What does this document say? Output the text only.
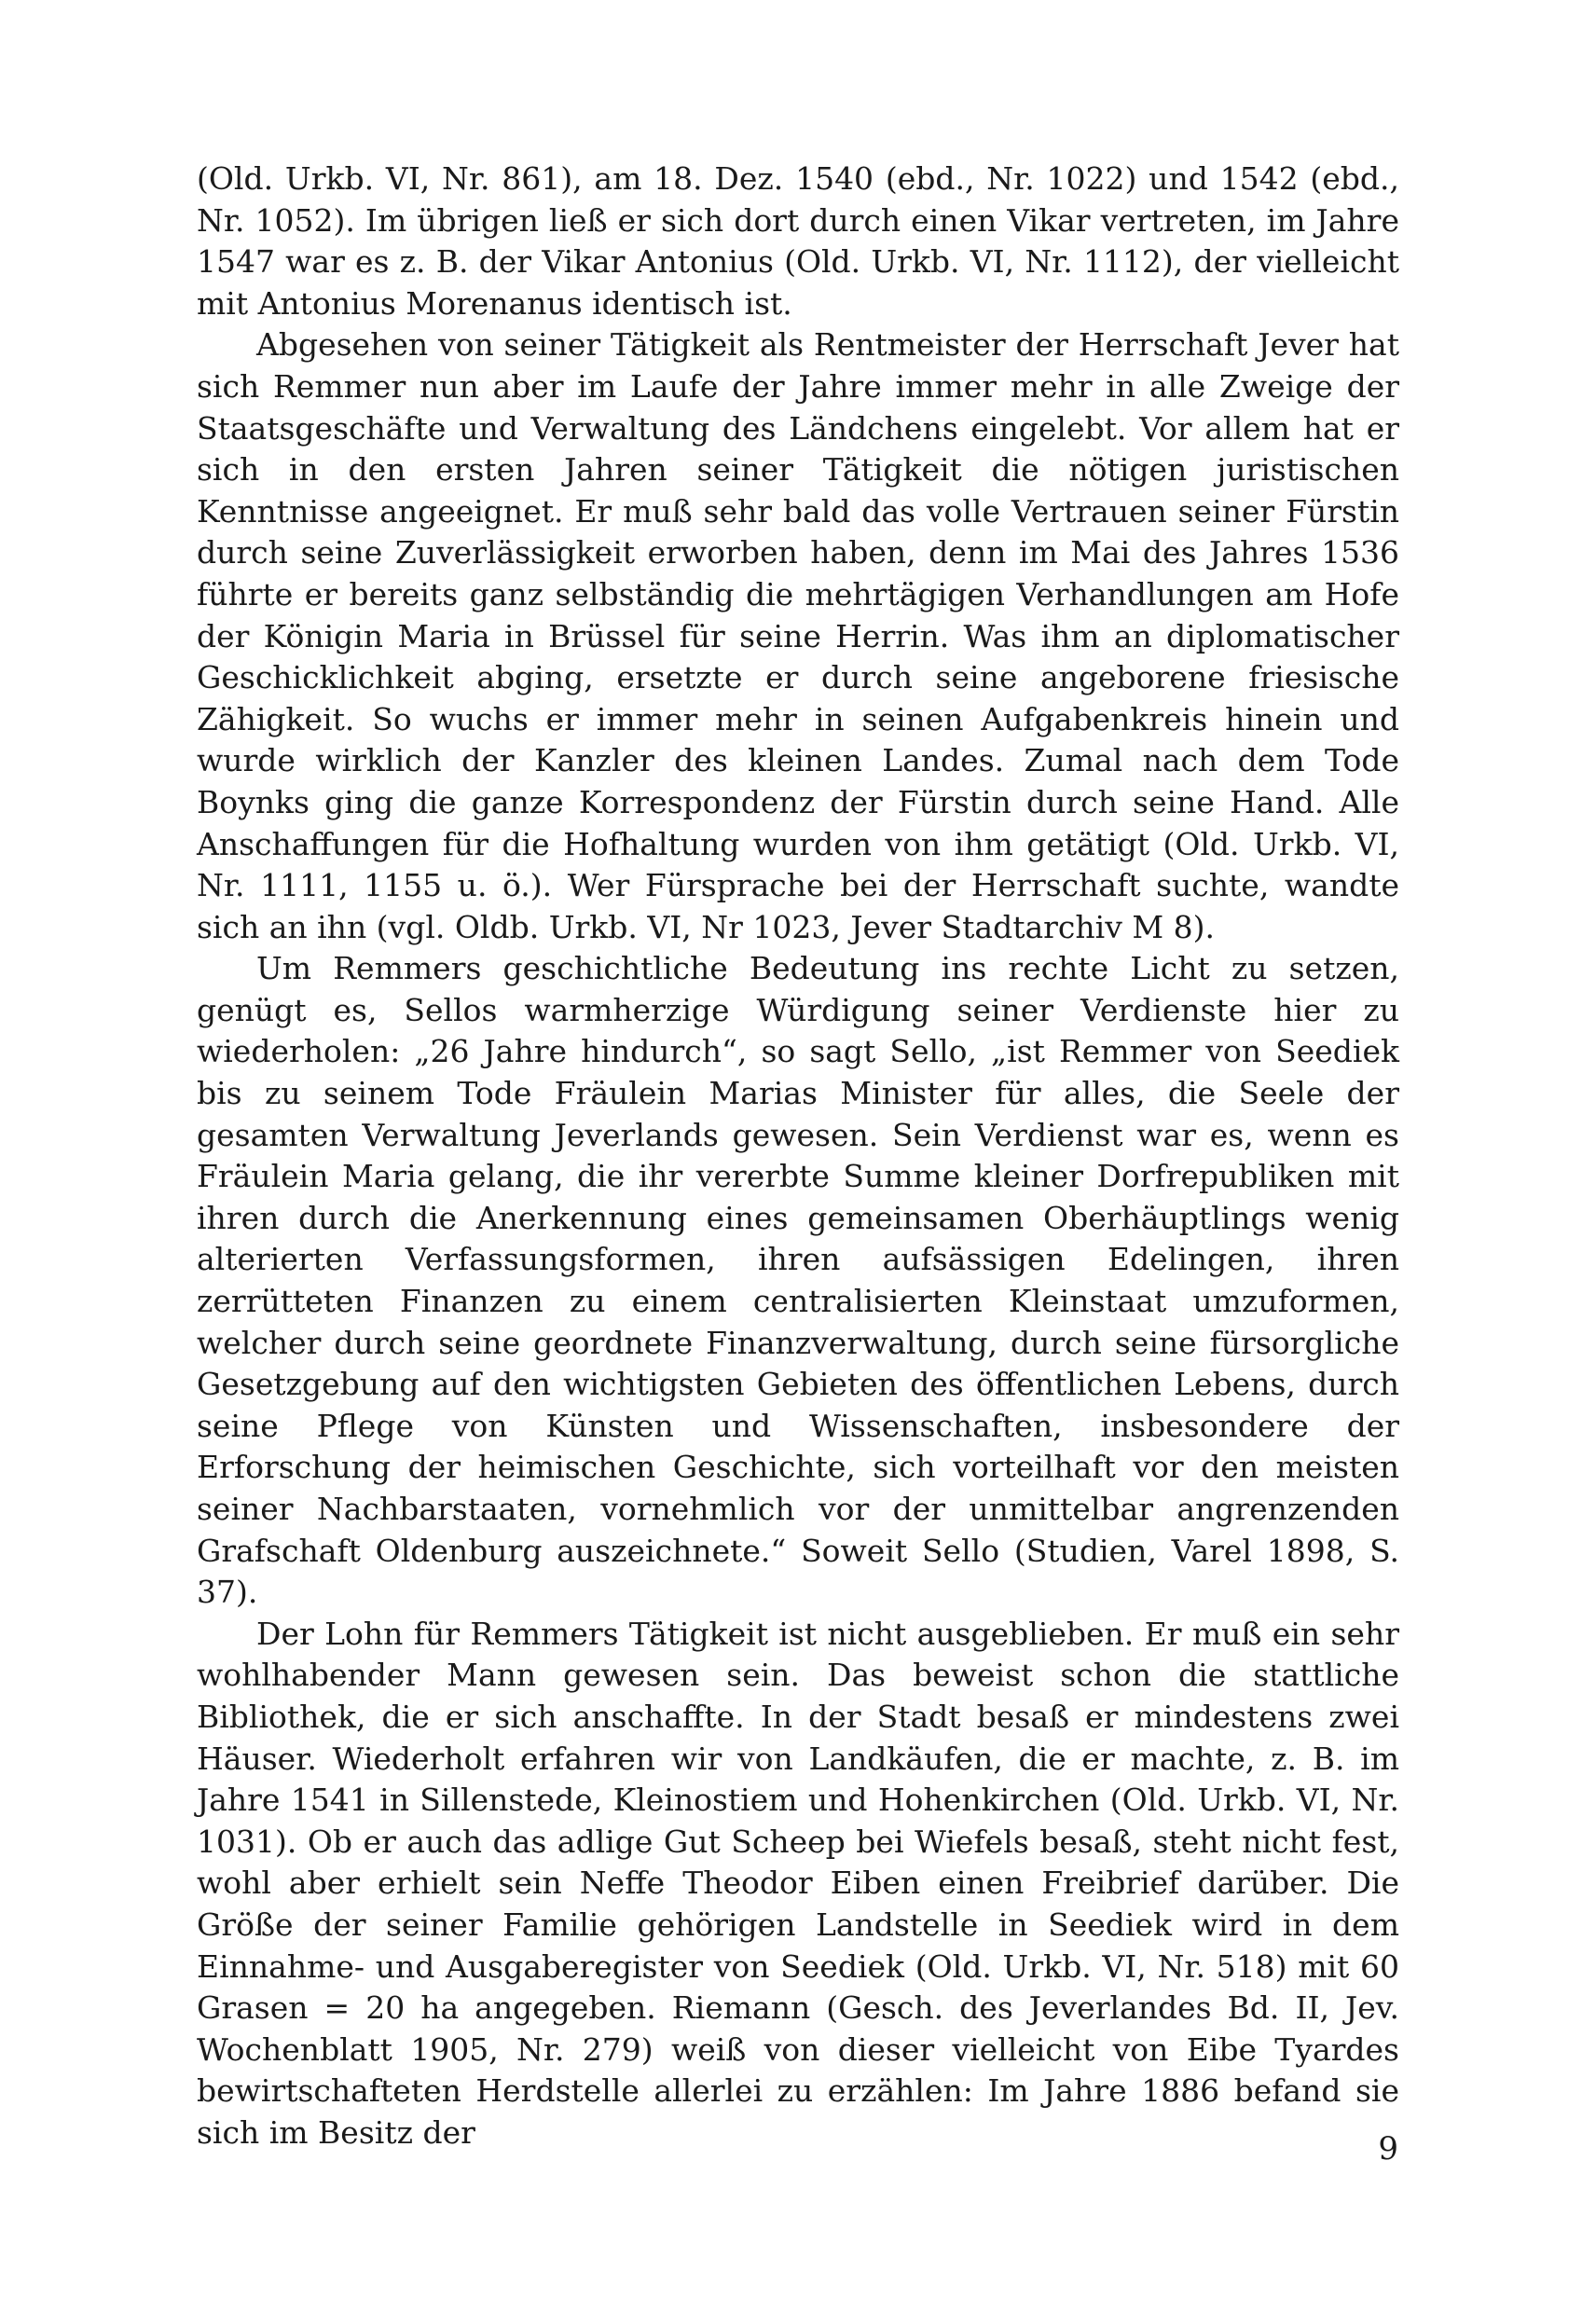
(Old. Urkb. VI, Nr. 861), am 18. Dez. 1540 (ebd., Nr. 1022) und 1542 (ebd., Nr. 1052). Im übrigen ließ er sich dort durch einen Vikar vertreten, im Jahre 1547 war es z. B. der Vikar Antonius (Old. Urkb. VI, Nr. 1112), der vielleicht mit Antonius Morenanus identisch ist.

Abgesehen von seiner Tätigkeit als Rentmeister der Herrschaft Jever hat sich Remmer nun aber im Laufe der Jahre immer mehr in alle Zweige der Staatsgeschäfte und Verwaltung des Ländchens eingelebt. Vor allem hat er sich in den ersten Jahren seiner Tätigkeit die nötigen juristischen Kenntnisse angeeignet. Er muß sehr bald das volle Vertrauen seiner Fürstin durch seine Zuverlässigkeit erworben haben, denn im Mai des Jahres 1536 führte er bereits ganz selbständig die mehrtägigen Verhandlungen am Hofe der Königin Maria in Brüssel für seine Herrin. Was ihm an diplomatischer Geschicklichkeit abging, ersetzte er durch seine angeborene friesische Zähigkeit. So wuchs er immer mehr in seinen Aufgabenkreis hinein und wurde wirklich der Kanzler des kleinen Landes. Zumal nach dem Tode Boynks ging die ganze Korrespondenz der Fürstin durch seine Hand. Alle Anschaffungen für die Hofhaltung wurden von ihm getätigt (Old. Urkb. VI, Nr. 1111, 1155 u. ö.). Wer Fürsprache bei der Herrschaft suchte, wandte sich an ihn (vgl. Oldb. Urkb. VI, Nr 1023, Jever Stadtarchiv M 8).

Um Remmers geschichtliche Bedeutung ins rechte Licht zu setzen, genügt es, Sellos warmherzige Würdigung seiner Verdienste hier zu wiederholen: „26 Jahre hindurch“, so sagt Sello, „ist Remmer von Seediek bis zu seinem Tode Fräulein Marias Minister für alles, die Seele der gesamten Verwaltung Jeverlands gewesen. Sein Verdienst war es, wenn es Fräulein Maria gelang, die ihr vererbte Summe kleiner Dorfrepubliken mit ihren durch die Anerkennung eines gemeinsamen Oberhäuptlings wenig alterierten Verfassungsformen, ihren aufsässigen Edelingen, ihren zerrütteten Finanzen zu einem centralisierten Kleinstaat umzuformen, welcher durch seine geordnete Finanzverwaltung, durch seine fürsorgliche Gesetzgebung auf den wichtigsten Gebieten des öffentlichen Lebens, durch seine Pflege von Künsten und Wissenschaften, insbesondere der Erforschung der heimischen Geschichte, sich vorteilhaft vor den meisten seiner Nachbarstaaten, vornehmlich vor der unmittelbar angrenzenden Grafschaft Oldenburg auszeichnete.“ Soweit Sello (Studien, Varel 1898, S. 37).

Der Lohn für Remmers Tätigkeit ist nicht ausgeblieben. Er muß ein sehr wohlhabender Mann gewesen sein. Das beweist schon die stattliche Bibliothek, die er sich anschaffte. In der Stadt besaß er mindestens zwei Häuser. Wiederholt erfahren wir von Landkäufen, die er machte, z. B. im Jahre 1541 in Sillenstede, Kleinostiem und Hohenkirchen (Old. Urkb. VI, Nr. 1031). Ob er auch das adlige Gut Scheep bei Wiefels besaß, steht nicht fest, wohl aber erhielt sein Neffe Theodor Eiben einen Freibrief darüber. Die Größe der seiner Familie gehörigen Landstelle in Seediek wird in dem Einnahme- und Ausgaberegister von Seediek (Old. Urkb. VI, Nr. 518) mit 60 Grasen = 20 ha angegeben. Riemann (Gesch. des Jeverlandes Bd. II, Jev. Wochenblatt 1905, Nr. 279) weiß von dieser vielleicht von Eibe Tyardes bewirtschafteten Herdstelle allerlei zu erzählen: Im Jahre 1886 befand sie sich im Besitz der	9
